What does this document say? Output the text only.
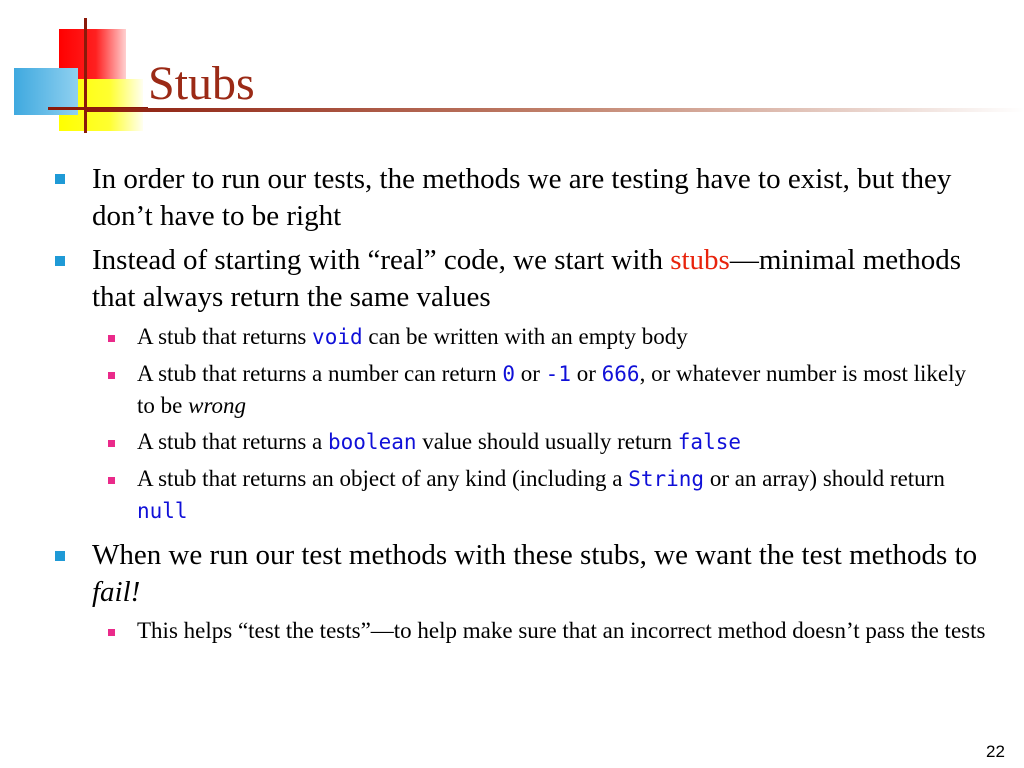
Stubs
In order to run our tests, the methods we are testing have to exist, but they don’t have to be right
Instead of starting with “real” code, we start with stubs—minimal methods that always return the same values
A stub that returns void can be written with an empty body
A stub that returns a number can return 0 or -1 or 666, or whatever number is most likely to be wrong
A stub that returns a boolean value should usually return false
A stub that returns an object of any kind (including a String or an array) should return null
When we run our test methods with these stubs, we want the test methods to fail!
This helps “test the tests”—to help make sure that an incorrect method doesn’t pass the tests
22
